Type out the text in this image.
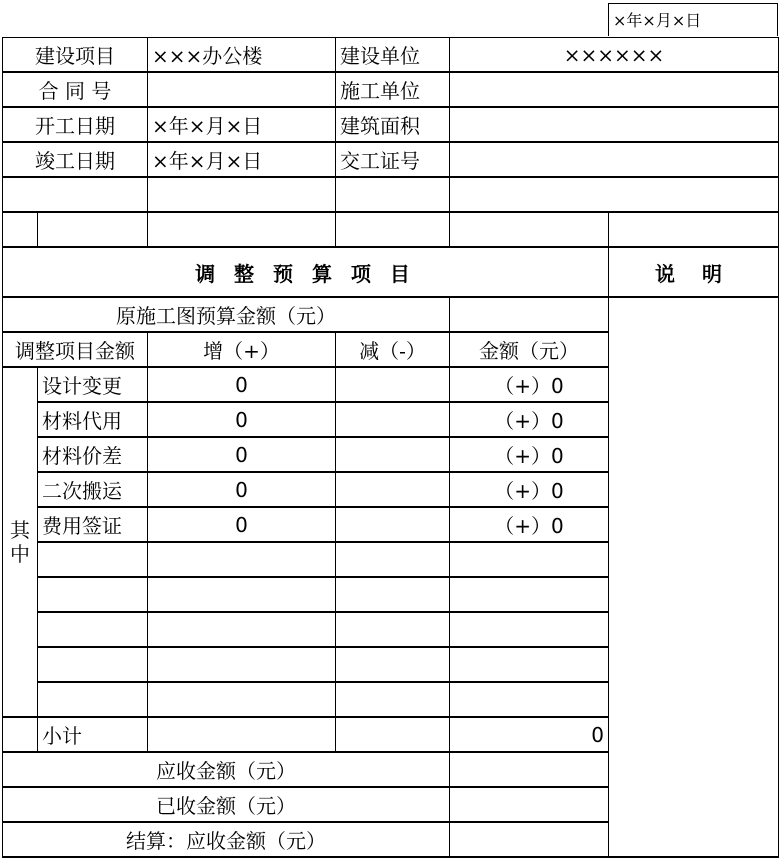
×年×月×日
建设项目		×××办公楼	建设单位	××××××	
合 同 号			施工单位		
开工日期		×年×月×日	建筑面积		
竣工日期		×年×月×日	交工证号		

调 整 预 算 项 目					说 明
原施工图预算金额（元）					
调整项目金额		增（+）	减（-）	金额（元）	
其中	设计变更	0		（+）0	
	材料代用	0		（+）0	
	材料价差	0		（+）0	
	二次搬运	0		（+）0	
	费用签证	0		（+）0	

	小计			0	
应收金额（元）					
已收金额（元）					
结算：应收金额（元）					
